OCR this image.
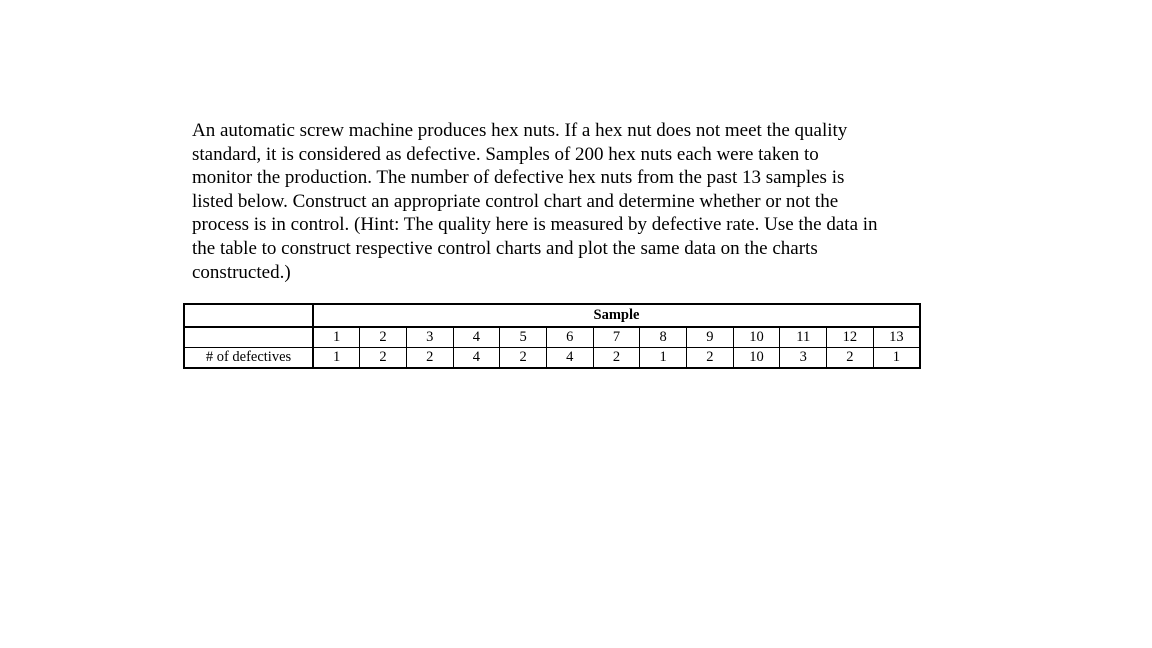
An automatic screw machine produces hex nuts. If a hex nut does not meet the quality
standard, it is considered as defective. Samples of 200 hex nuts each were taken to
monitor the production. The number of defective hex nuts from the past 13 samples is
listed below. Construct an appropriate control chart and determine whether or not the
process is in control. (Hint: The quality here is measured by defective rate. Use the data in
the table to construct respective control charts and plot the same data on the charts
constructed.)
	Sample												
	1	2	3	4	5	6	7	8	9	10	11	12	13
# of defectives	1	2	2	4	2	4	2	1	2	10	3	2	1
